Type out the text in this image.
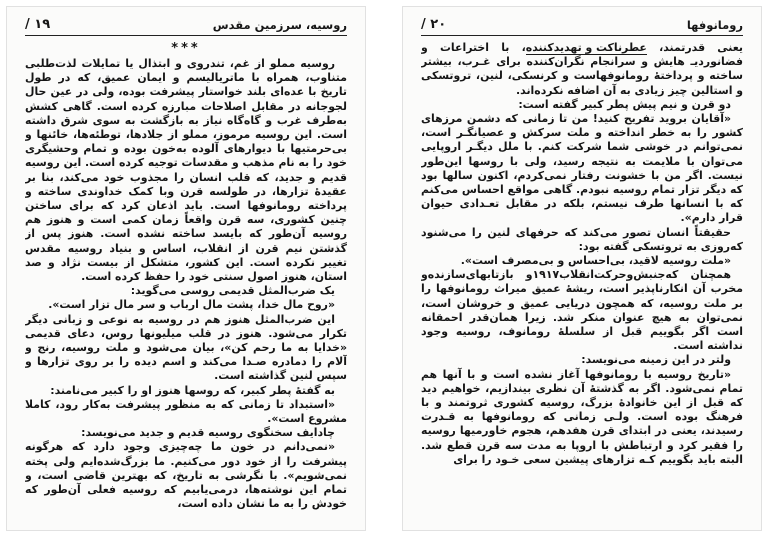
روسیه، سرزمین مقدس
۱۹ /
***

روسیه مملو از غم، تندروی و ابتذال یا تمایلات لذت‌طلبی متناوب، همراه با ماتریالیسم و ایمان عمیق، که در طول تاریخ با عده‌ای بلند خواستار پیشرفت بوده، ولی در عین حال لجوجانه در مقابل اصلاحات مبارزه کرده است. گاهی کشش به‌طرف غرب و گاه‌گاه نیاز به بازگشت به سوی شرق داشته است. این روسیه مرموز، مملو از جلادها، توطئه‌ها، خائنها و بی‌حرمتیها با دیوارهای آلوده به‌خون بوده و تمام وحشیگری خود را به نام مذهب و مقدسات توجیه کرده است. این روسیه قدیم و جدید، که قلب انسان را مجذوب خود می‌کند، بنا بر عقیدهٔ تزارها، در طولسه قرن وبا کمک خداوندی ساخته و پرداخته رومانوفها است. باید اذعان کرد که برای ساختن چنین کشوری، سه قرن واقعاً زمان کمی است و هنوز هم روسیه آن‌طور که بایسد ساخته نشده است. هنوز پس از گذشتن نیم قرن از انقلاب، اساس و بنیاد روسیه مقدس تغییر نکرده است. این کشور، متشکل از بیست نژاد و صد استان، هنوز اصول سنتی خود را حفظ کرده است.

یک ضرب‌المثل قدیمی روسی می‌گوید:

«روح مال خدا، پشت مال ارباب و سر مال تزار است».

این ضرب‌المثل هنوز هم در روسیه به نوعی و زبانی دیگر تکرار می‌شود. هنوز در قلب میلیونها روس، دعای قدیمی «خدایا به ما رحم کن»، بیان می‌شود و ملت روسیه، رنج و آلام را دماد‌ره صـدا می‌کند و اسم دیده را بر روی تزارها و سپس لنین گذاشته است.

به گفتهٔ پطر کبیر، که روسها هنوز او را کبیر می‌نامند:

«استبداد تا زمانی که به منظور پیشرفت به‌کار رود، کاملا مشروع است».

چادایف سخنگوی روسیه قدیم و جدید می‌نویسد:

«نمی‌دانم در خون ما چه‌چیزی وجود دارد که هرگونه پیشرفت را از خود دور می‌کنیم. ما بزرگ‌شده‌ایم ولی پخته نمی‌شویم». با نگرشی به تاریخ، که بهترین قاضی است، و تمام این نوشته‌ها، درمی‌یابیم که روسیه فعلی آن‌طور که خودش را به ما نشان داده است،

رومانوفها
۲۰ /

یعنی قدرتمند، عطرناکت و تهدیدکننده، با اختراعات و فضانوردیـ هایش و سرانجام نگران‌کننده برای غـرب، بیشتر ساخته و پرداختهٔ رومانوفهاست و کرنسکی، لنین، تروتسکی و استالین چیز زیادی به آن اضافه نکرده‌اند.

دو قرن و نیم پیش پطر کبیر گفته است:

«آقایان بروید تفریح کنید! من تا زمانی که دشمن مرزهای کشور را به خطر انداخته و ملت سرکش و عصیانگـر است، نمی‌توانم در خوشی شما شرکت کنم. با ملل دیگـر اروپایی می‌توان با ملایمت به نتیجه رسید، ولی با روسها این‌طور نیست. اگر من با خشونت رفتار نمی‌کردم، اکنون سالها بود که دیگر تزار تمام روسیه نبودم. گاهی مواقع احساس می‌کنم که با انسانها طرف نیستم، بلکه در مقابل تعـدادی حیوان قرار دارم».

حقیقتاً انسان تصور می‌کند که حرفهای لنین را می‌شنود که‌روزی به تروتسکی گفته بود:

«ملت روسیه لاقید، بی‌احساس و بی‌مصرف است».

همچنان که‌جنبش‌وحرکت‌انقلاب۱۹۱۷و بازتابهای‌سازنده‌و مخرب آن انکارناپذیر است، ریشهٔ عمیق میراث رومانوفها را بر ملت روسیه، که همچون دریایی عمیق و خروشان است، نمی‌توان به هیچ عنوان منکر شد. زیرا همان‌قدر احمقانه است اگر بگوییم قبل از سلسلهٔ رومانوف، روسیه وجود نداشته است.

ولتر در این زمینه می‌نویسد:

«تاریخ روسیه با رومانوفها آغاز نشده است و با آنها هم تمام نمی‌شود. اگر به گذشتهٔ آن نظری بیندازیم، خواهیم دید که قبل از این خانوادهٔ بزرگ، روسیه کشوری ثروتمند و با فرهنگ بوده است. ولـی زمانی که رومانوفها به قـدرت رسیدند، یعنی در ابتدای قرن هفدهم، هجوم خاورمیها روسیه را فقیر کرد و ارتباطش با اروپا به مدت سه قرن قطع شد. البته باید بگوییم کـه تزارهای پیشین سعی خـود را برای
